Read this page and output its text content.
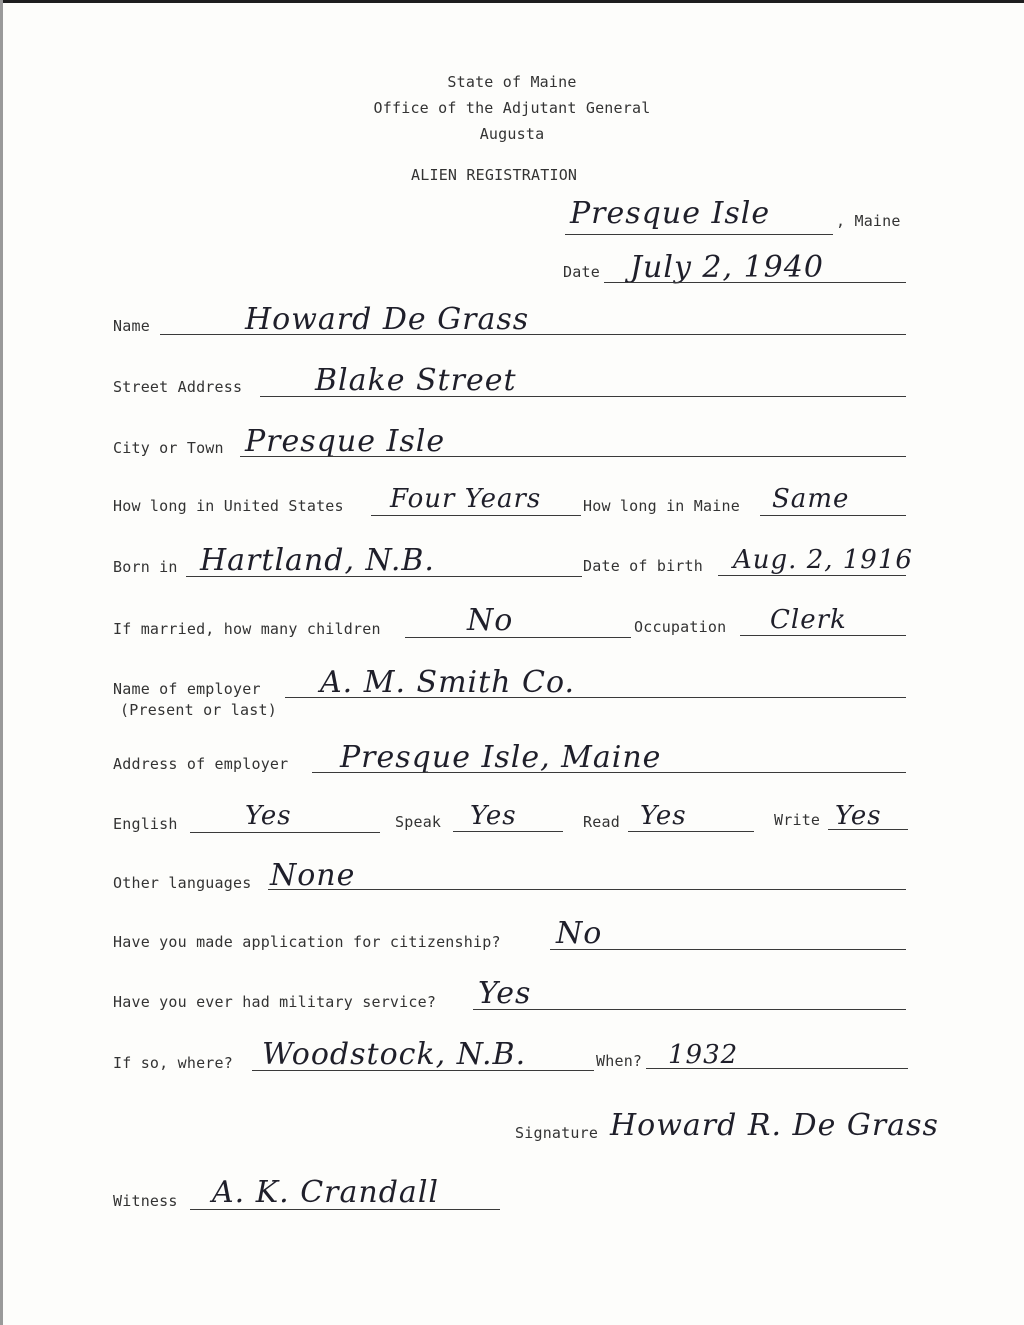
State of Maine
Office of the Adjutant General
Augusta
ALIEN REGISTRATION
Presque Isle	, Maine
Date July 2, 1940
Name	Howard De Grass
Street Address Blake Street
City or Town Presque Isle
How long in United States Four Years	How long in Maine Same
Born in Hartland, N.B.	Date of birth Aug. 2, 1916
If married, how many children	No	Occupation Clerk
Name of employer
(Present or last)
A. M. Smith Co.
Address of employer Presque Isle, Maine
English	Yes	Speak Yes	Read Yes	Write Yes
Other languages None
Have you made application for citizenship? No
Have you ever had military service? Yes
If so, where? Woodstock, N.B.	When? 1932
Signature Howard R. De Grass
Witness A. K. Crandall
